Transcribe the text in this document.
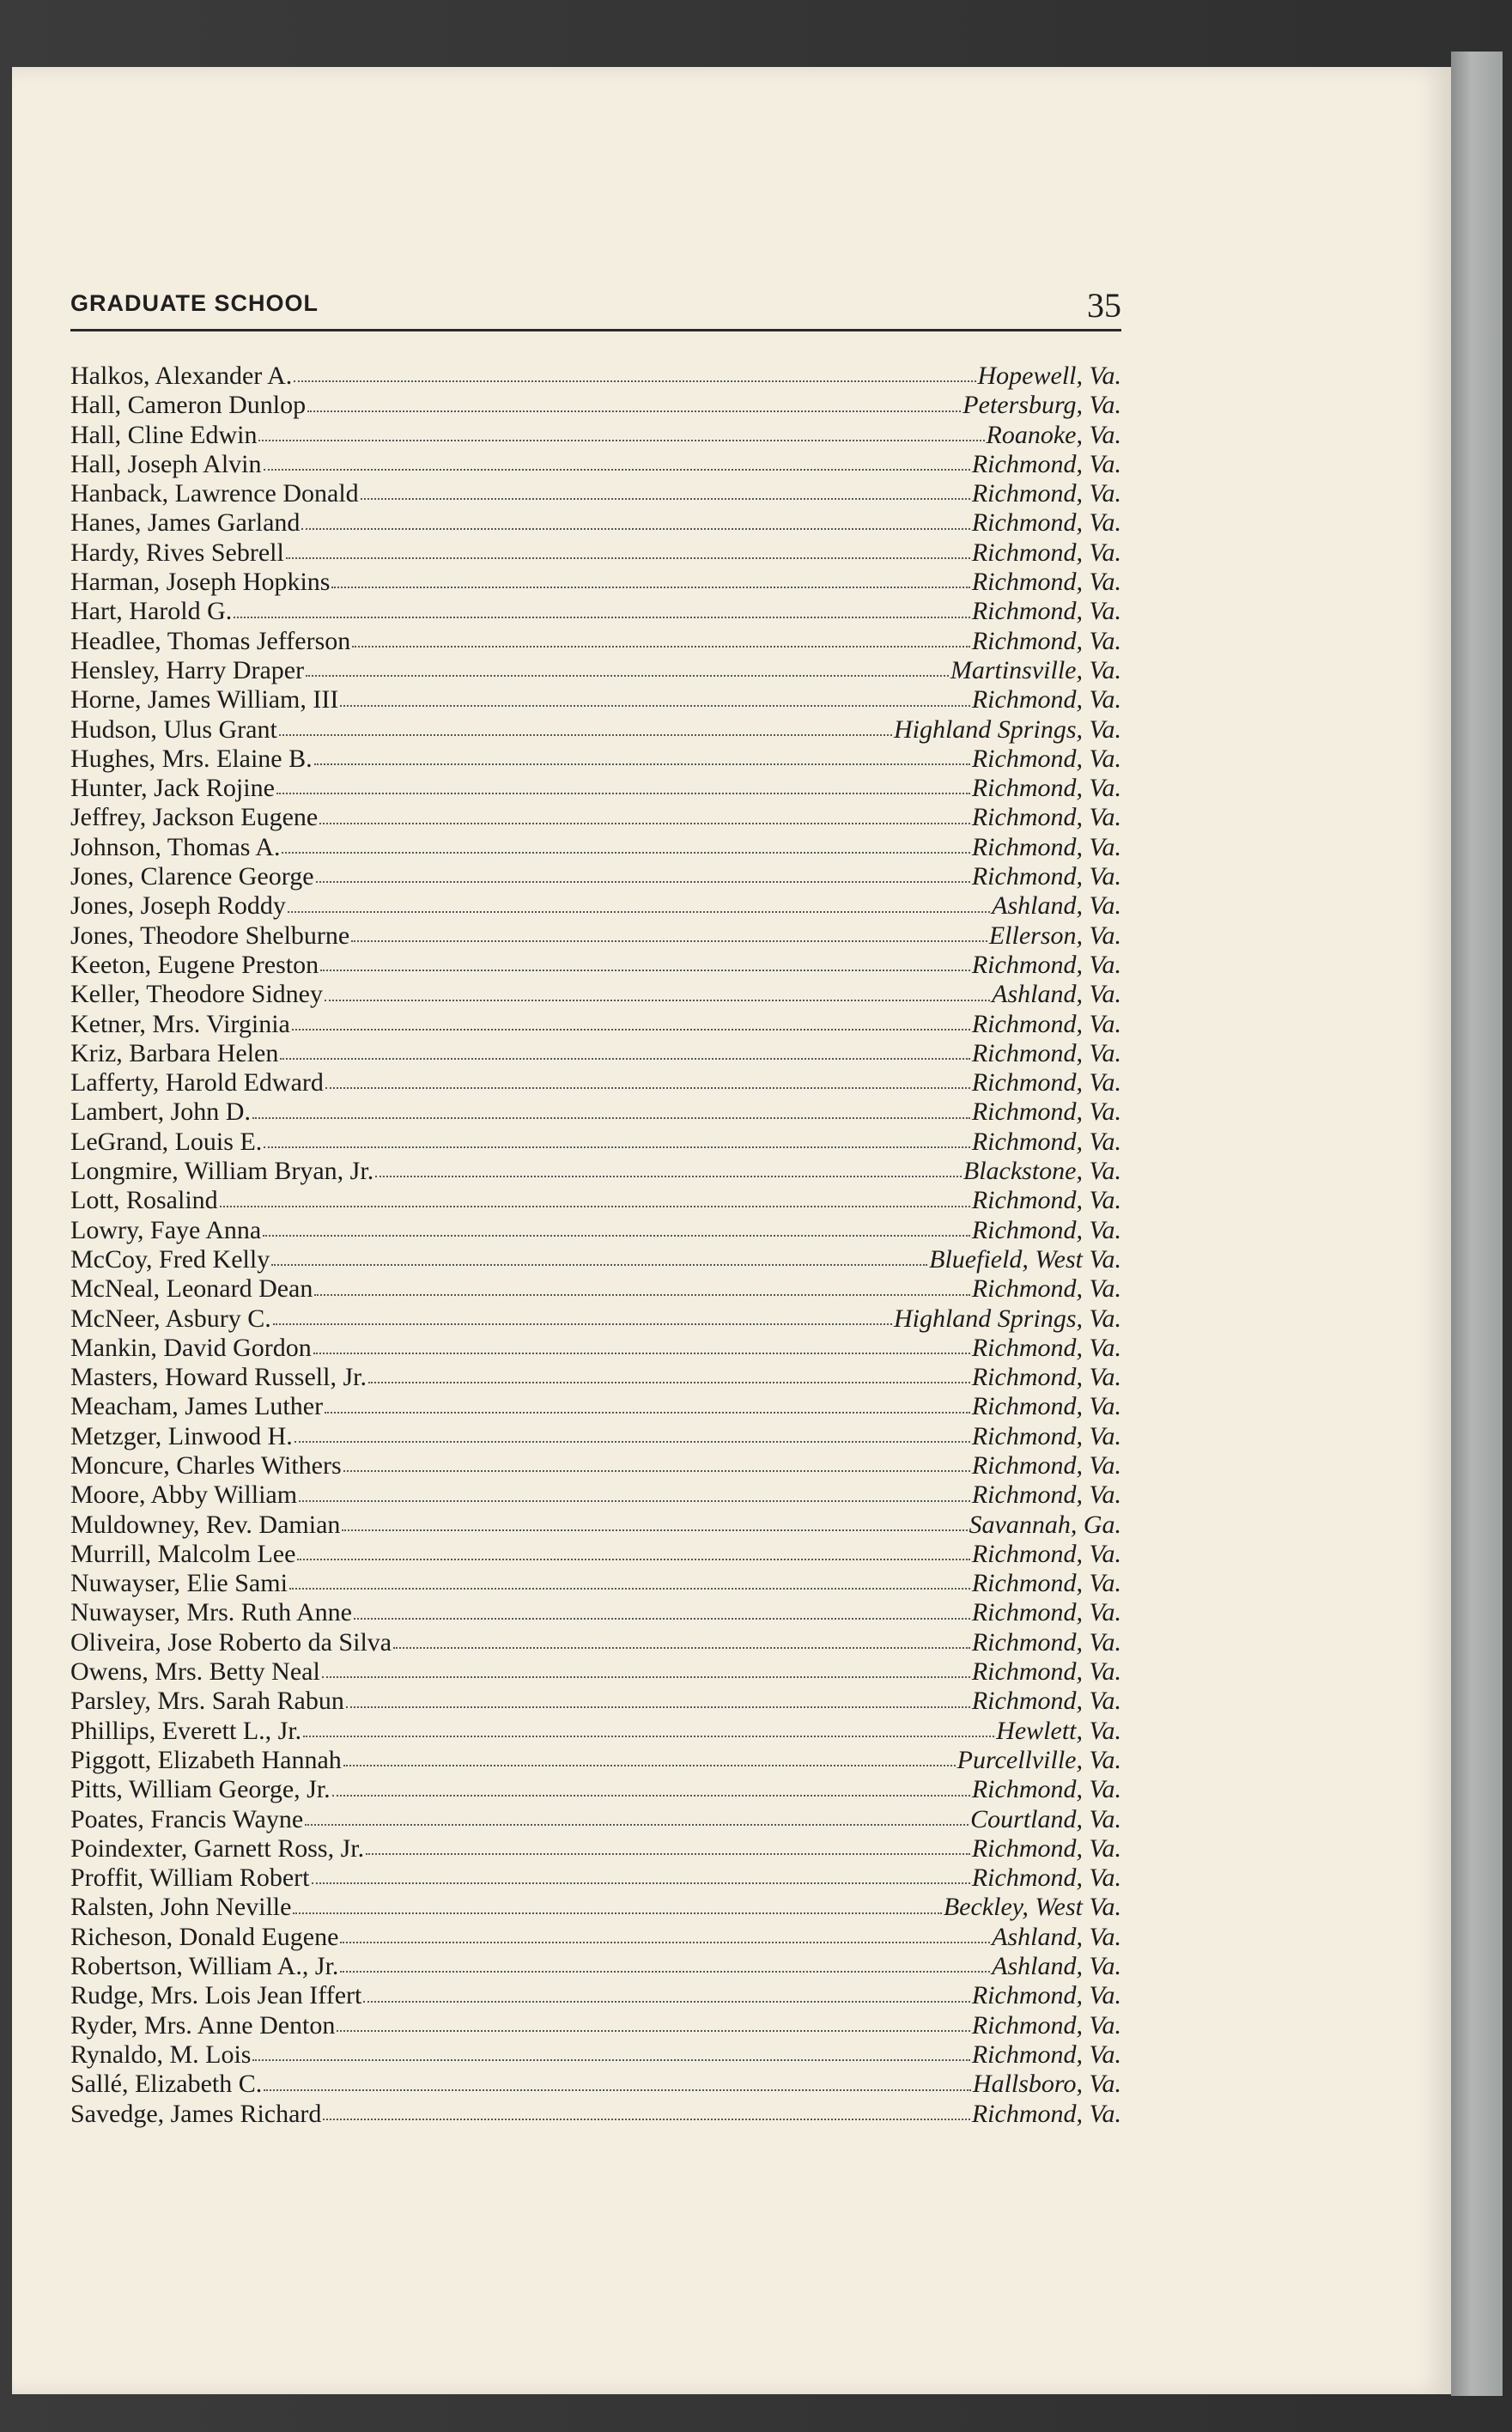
GRADUATE SCHOOL	35
Halkos, Alexander A.	Hopewell, Va.
Hall, Cameron Dunlop	Petersburg, Va.
Hall, Cline Edwin	Roanoke, Va.
Hall, Joseph Alvin	Richmond, Va.
Hanback, Lawrence Donald	Richmond, Va.
Hanes, James Garland	Richmond, Va.
Hardy, Rives Sebrell	Richmond, Va.
Harman, Joseph Hopkins	Richmond, Va.
Hart, Harold G.	Richmond, Va.
Headlee, Thomas Jefferson	Richmond, Va.
Hensley, Harry Draper	Martinsville, Va.
Horne, James William, III	Richmond, Va.
Hudson, Ulus Grant	Highland Springs, Va.
Hughes, Mrs. Elaine B.	Richmond, Va.
Hunter, Jack Rojine	Richmond, Va.
Jeffrey, Jackson Eugene	Richmond, Va.
Johnson, Thomas A.	Richmond, Va.
Jones, Clarence George	Richmond, Va.
Jones, Joseph Roddy	Ashland, Va.
Jones, Theodore Shelburne	Ellerson, Va.
Keeton, Eugene Preston	Richmond, Va.
Keller, Theodore Sidney	Ashland, Va.
Ketner, Mrs. Virginia	Richmond, Va.
Kriz, Barbara Helen	Richmond, Va.
Lafferty, Harold Edward	Richmond, Va.
Lambert, John D.	Richmond, Va.
LeGrand, Louis E.	Richmond, Va.
Longmire, William Bryan, Jr.	Blackstone, Va.
Lott, Rosalind	Richmond, Va.
Lowry, Faye Anna	Richmond, Va.
McCoy, Fred Kelly	Bluefield, West Va.
McNeal, Leonard Dean	Richmond, Va.
McNeer, Asbury C.	Highland Springs, Va.
Mankin, David Gordon	Richmond, Va.
Masters, Howard Russell, Jr.	Richmond, Va.
Meacham, James Luther	Richmond, Va.
Metzger, Linwood H.	Richmond, Va.
Moncure, Charles Withers	Richmond, Va.
Moore, Abby William	Richmond, Va.
Muldowney, Rev. Damian	Savannah, Ga.
Murrill, Malcolm Lee	Richmond, Va.
Nuwayser, Elie Sami	Richmond, Va.
Nuwayser, Mrs. Ruth Anne	Richmond, Va.
Oliveira, Jose Roberto da Silva	Richmond, Va.
Owens, Mrs. Betty Neal	Richmond, Va.
Parsley, Mrs. Sarah Rabun	Richmond, Va.
Phillips, Everett L., Jr.	Hewlett, Va.
Piggott, Elizabeth Hannah	Purcellville, Va.
Pitts, William George, Jr.	Richmond, Va.
Poates, Francis Wayne	Courtland, Va.
Poindexter, Garnett Ross, Jr.	Richmond, Va.
Proffit, William Robert	Richmond, Va.
Ralsten, John Neville	Beckley, West Va.
Richeson, Donald Eugene	Ashland, Va.
Robertson, William A., Jr.	Ashland, Va.
Rudge, Mrs. Lois Jean Iffert	Richmond, Va.
Ryder, Mrs. Anne Denton	Richmond, Va.
Rynaldo, M. Lois	Richmond, Va.
Sallé, Elizabeth C.	Hallsboro, Va.
Savedge, James Richard	Richmond, Va.
